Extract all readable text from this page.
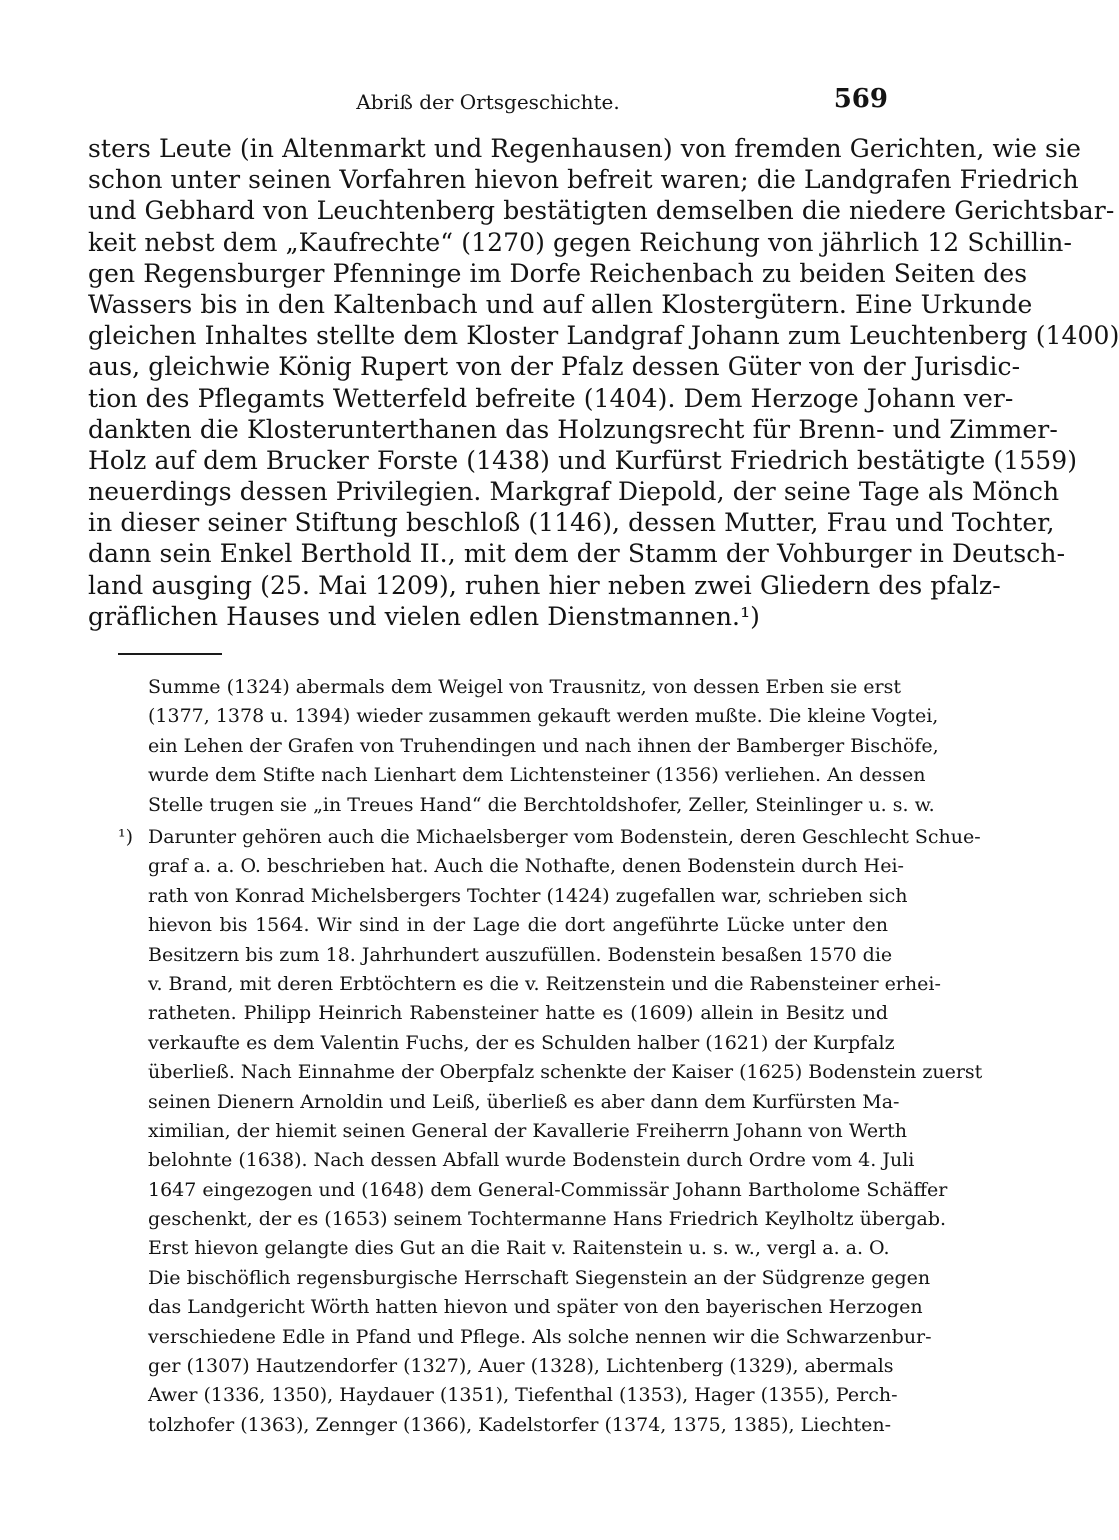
Abriß der Ortsgeschichte.	569
sters Leute (in Altenmarkt und Regenhausen) von fremden Gerichten, wie sie
schon unter seinen Vorfahren hievon befreit waren; die Landgrafen Friedrich
und Gebhard von Leuchtenberg bestätigten demselben die niedere Gerichtsbar-
keit nebst dem „Kaufrechte“ (1270) gegen Reichung von jährlich 12 Schillin-
gen Regensburger Pfenninge im Dorfe Reichenbach zu beiden Seiten des
Wassers bis in den Kaltenbach und auf allen Klostergütern. Eine Urkunde
gleichen Inhaltes stellte dem Kloster Landgraf Johann zum Leuchtenberg (1400)
aus, gleichwie König Rupert von der Pfalz dessen Güter von der Jurisdic-
tion des Pflegamts Wetterfeld befreite (1404). Dem Herzoge Johann ver-
dankten die Klosterunterthanen das Holzungsrecht für Brenn- und Zimmer-
Holz auf dem Brucker Forste (1438) und Kurfürst Friedrich bestätigte (1559)
neuerdings dessen Privilegien. Markgraf Diepold, der seine Tage als Mönch
in dieser seiner Stiftung beschloß (1146), dessen Mutter, Frau und Tochter,
dann sein Enkel Berthold II., mit dem der Stamm der Vohburger in Deutsch-
land ausging (25. Mai 1209), ruhen hier neben zwei Gliedern des pfalz-
gräflichen Hauses und vielen edlen Dienstmannen.¹)
Summe (1324) abermals dem Weigel von Trausnitz, von dessen Erben sie erst
(1377, 1378 u. 1394) wieder zusammen gekauft werden mußte. Die kleine Vogtei,
ein Lehen der Grafen von Truhendingen und nach ihnen der Bamberger Bischöfe,
wurde dem Stifte nach Lienhart dem Lichtensteiner (1356) verliehen. An dessen
Stelle trugen sie „in Treues Hand“ die Berchtoldshofer, Zeller, Steinlinger u. s. w.
¹) Darunter gehören auch die Michaelsberger vom Bodenstein, deren Geschlecht Schue-
graf a. a. O. beschrieben hat. Auch die Nothafte, denen Bodenstein durch Hei-
rath von Konrad Michelsbergers Tochter (1424) zugefallen war, schrieben sich
hievon bis 1564. Wir sind in der Lage die dort angeführte Lücke unter den
Besitzern bis zum 18. Jahrhundert auszufüllen. Bodenstein besaßen 1570 die
v. Brand, mit deren Erbtöchtern es die v. Reitzenstein und die Rabensteiner erhei-
ratheten. Philipp Heinrich Rabensteiner hatte es (1609) allein in Besitz und
verkaufte es dem Valentin Fuchs, der es Schulden halber (1621) der Kurpfalz
überließ. Nach Einnahme der Oberpfalz schenkte der Kaiser (1625) Bodenstein zuerst
seinen Dienern Arnoldin und Leiß, überließ es aber dann dem Kurfürsten Ma-
ximilian, der hiemit seinen General der Kavallerie Freiherrn Johann von Werth
belohnte (1638). Nach dessen Abfall wurde Bodenstein durch Ordre vom 4. Juli
1647 eingezogen und (1648) dem General-Commissär Johann Bartholome Schäffer
geschenkt, der es (1653) seinem Tochtermanne Hans Friedrich Keylholtz übergab.
Erst hievon gelangte dies Gut an die Rait v. Raitenstein u. s. w., vergl a. a. O.
Die bischöflich regensburgische Herrschaft Siegenstein an der Südgrenze gegen
das Landgericht Wörth hatten hievon und später von den bayerischen Herzogen
verschiedene Edle in Pfand und Pflege. Als solche nennen wir die Schwarzenbur-
ger (1307) Hautzendorfer (1327), Auer (1328), Lichtenberg (1329), abermals
Awer (1336, 1350), Haydauer (1351), Tiefenthal (1353), Hager (1355), Perch-
tolzhofer (1363), Zennger (1366), Kadelstorfer (1374, 1375, 1385), Liechten-
